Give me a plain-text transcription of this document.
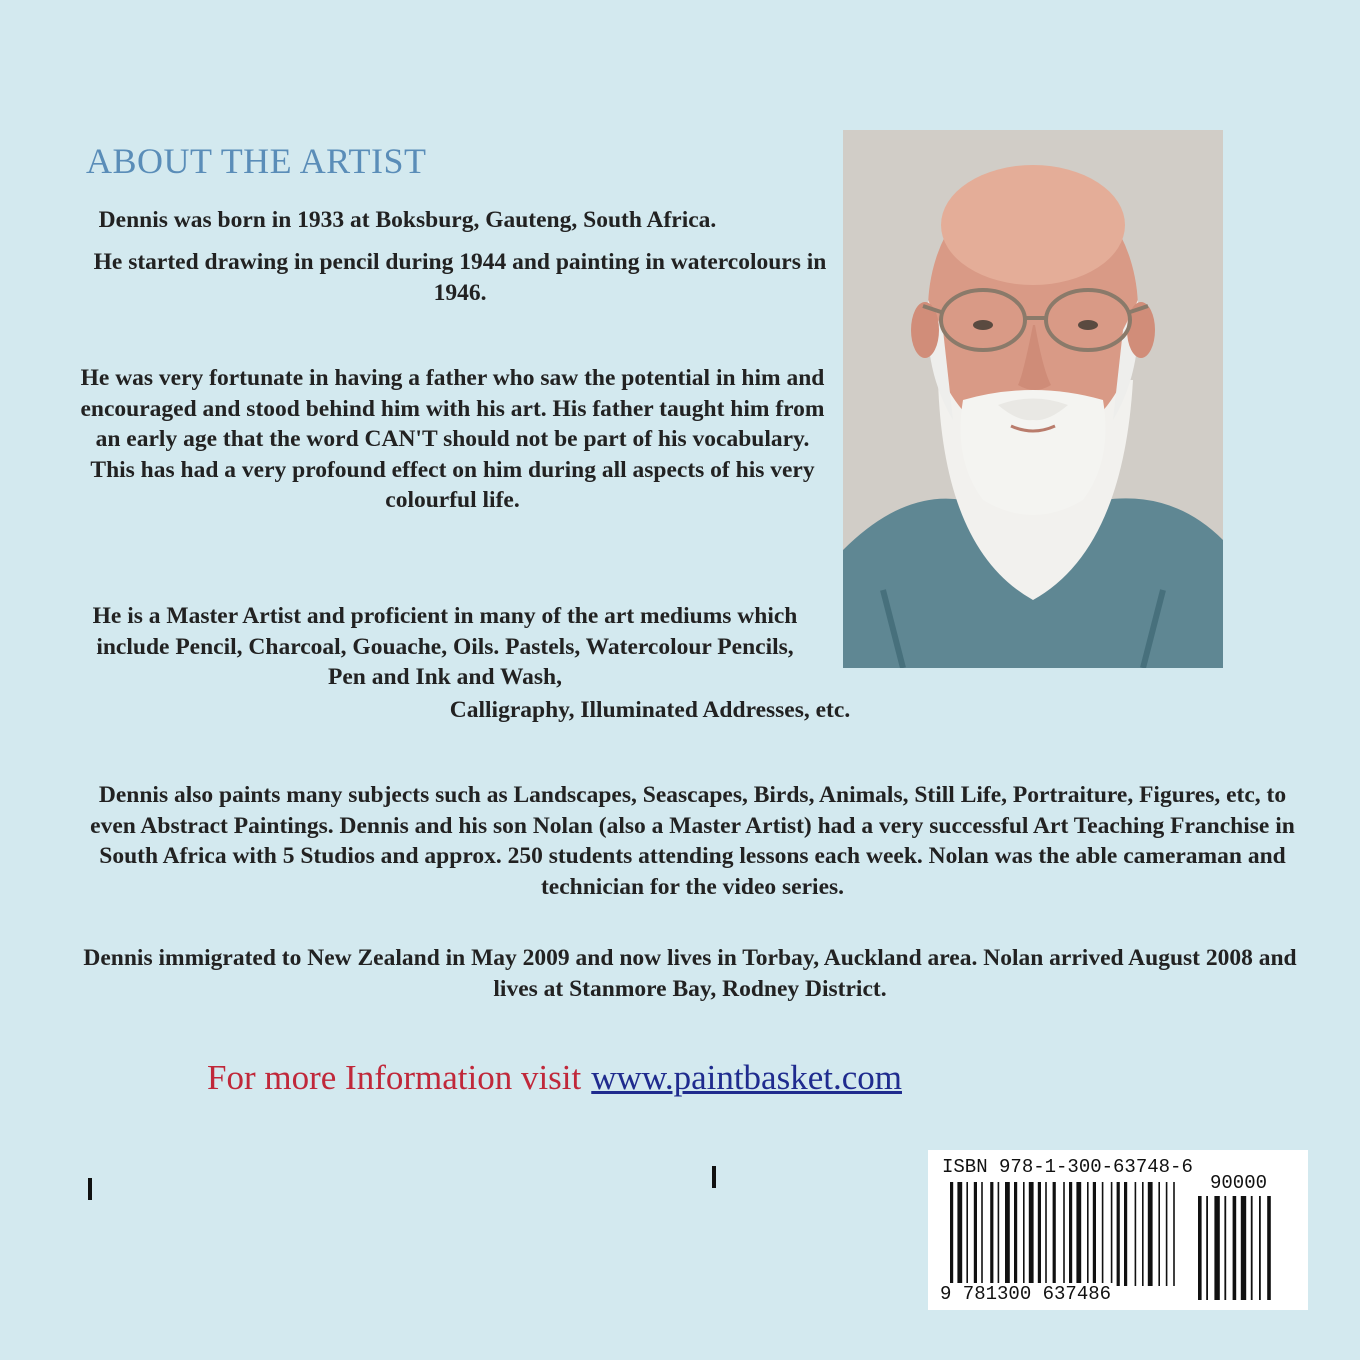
ABOUT THE ARTIST

Dennis was born in 1933 at Boksburg, Gauteng, South Africa.

He started drawing in pencil during 1944 and painting in watercolours in 1946.

He was very fortunate in having a father who saw the potential in him and encouraged and stood behind him with his art. His father taught him from an early age that the word CAN'T should not be part of his vocabulary. This has had a very profound effect on him during all aspects of his very colourful life.

He is a Master Artist and proficient in many of the art mediums which include Pencil, Charcoal, Gouache, Oils. Pastels, Watercolour Pencils, Pen and Ink and Wash,

Calligraphy, Illuminated Addresses, etc.

Dennis also paints many subjects such as Landscapes, Seascapes, Birds, Animals, Still Life, Portraiture, Figures, etc, to even Abstract Paintings. Dennis and his son Nolan (also a Master Artist) had a very successful Art Teaching Franchise in South Africa with 5 Studios and approx. 250 students attending lessons each week. Nolan was the able cameraman and technician for the video series.

Dennis immigrated to New Zealand in May 2009 and now lives in Torbay, Auckland area. Nolan arrived August 2008 and lives at Stanmore Bay, Rodney District.

For more Information visit www.paintbasket.com
ISBN 978-1-300-63748-6
90000
9 781300 637486
